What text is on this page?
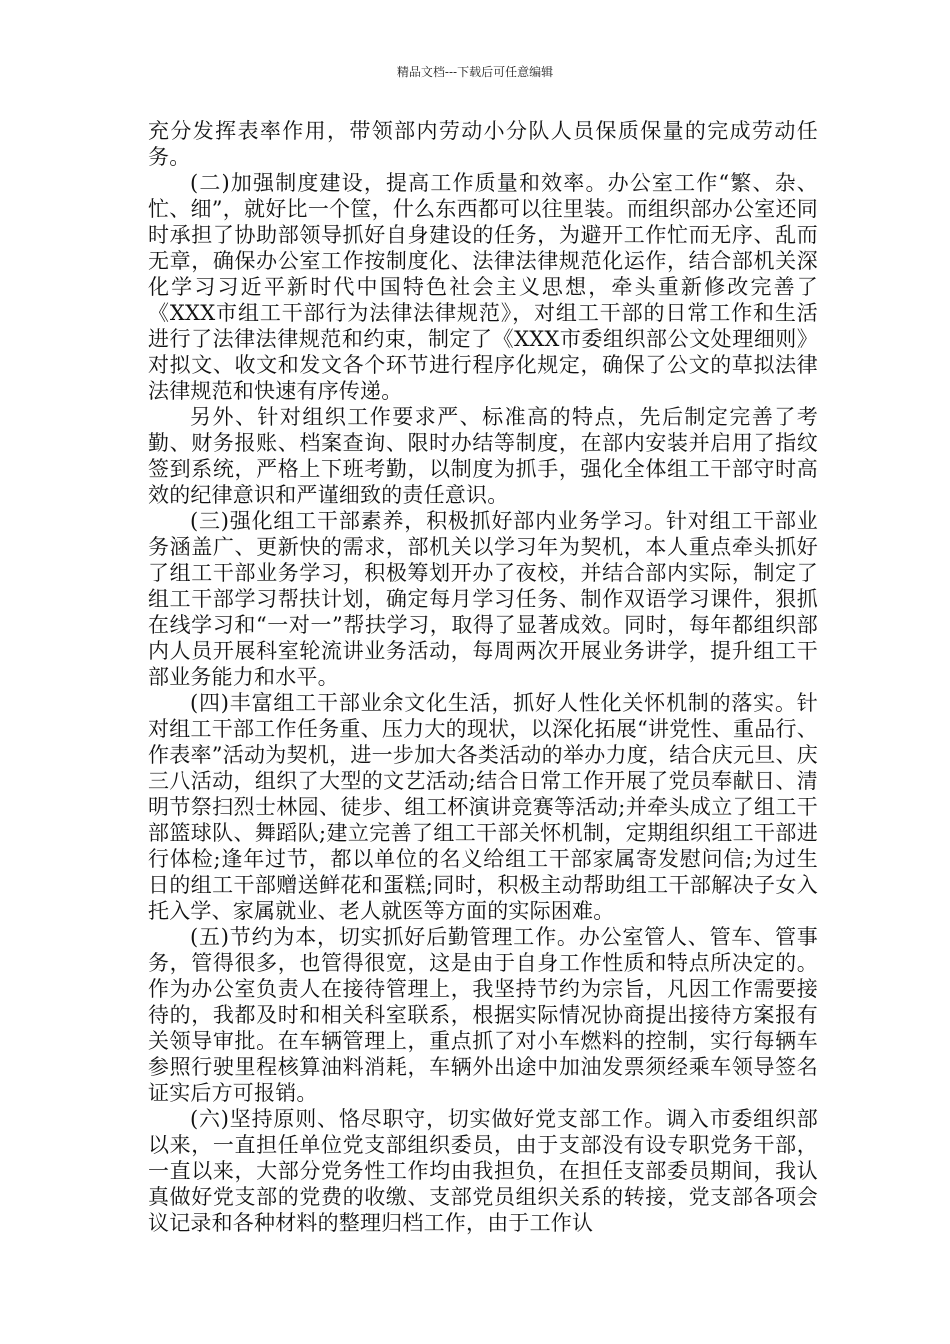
精品文档---下载后可任意编辑

充分发挥表率作用，带领部内劳动小分队人员保质保量的完成劳动任务。

(二)加强制度建设，提高工作质量和效率。办公室工作“繁、杂、忙、细”，就好比一个筐，什么东西都可以往里装。而组织部办公室还同时承担了协助部领导抓好自身建设的任务，为避开工作忙而无序、乱而无章，确保办公室工作按制度化、法律法律规范化运作，结合部机关深化学习习近平新时代中国特色社会主义思想，牵头重新修改完善了《XXX市组工干部行为法律法律规范》，对组工干部的日常工作和生活进行了法律法律规范和约束，制定了《XXX市委组织部公文处理细则》对拟文、收文和发文各个环节进行程序化规定，确保了公文的草拟法律法律规范和快速有序传递。

另外、针对组织工作要求严、标准高的特点，先后制定完善了考勤、财务报账、档案查询、限时办结等制度，在部内安装并启用了指纹签到系统，严格上下班考勤，以制度为抓手，强化全体组工干部守时高效的纪律意识和严谨细致的责任意识。

(三)强化组工干部素养，积极抓好部内业务学习。针对组工干部业务涵盖广、更新快的需求，部机关以学习年为契机，本人重点牵头抓好了组工干部业务学习，积极筹划开办了夜校，并结合部内实际，制定了组工干部学习帮扶计划，确定每月学习任务、制作双语学习课件，狠抓在线学习和“一对一”帮扶学习，取得了显著成效。同时，每年都组织部内人员开展科室轮流讲业务活动，每周两次开展业务讲学，提升组工干部业务能力和水平。

(四)丰富组工干部业余文化生活，抓好人性化关怀机制的落实。针对组工干部工作任务重、压力大的现状，以深化拓展“讲党性、重品行、作表率”活动为契机，进一步加大各类活动的举办力度，结合庆元旦、庆三八活动，组织了大型的文艺活动;结合日常工作开展了党员奉献日、清明节祭扫烈士林园、徒步、组工杯演讲竞赛等活动;并牵头成立了组工干部篮球队、舞蹈队;建立完善了组工干部关怀机制，定期组织组工干部进行体检;逢年过节，都以单位的名义给组工干部家属寄发慰问信;为过生日的组工干部赠送鲜花和蛋糕;同时，积极主动帮助组工干部解决子女入托入学、家属就业、老人就医等方面的实际困难。

(五)节约为本，切实抓好后勤管理工作。办公室管人、管车、管事务，管得很多，也管得很宽，这是由于自身工作性质和特点所决定的。作为办公室负责人在接待管理上，我坚持节约为宗旨，凡因工作需要接待的，我都及时和相关科室联系，根据实际情况协商提出接待方案报有关领导审批。在车辆管理上，重点抓了对小车燃料的控制，实行每辆车参照行驶里程核算油料消耗，车辆外出途中加油发票须经乘车领导签名证实后方可报销。

(六)坚持原则、恪尽职守，切实做好党支部工作。调入市委组织部以来，一直担任单位党支部组织委员，由于支部没有设专职党务干部，一直以来，大部分党务性工作均由我担负，在担任支部委员期间，我认真做好党支部的党费的收缴、支部党员组织关系的转接，党支部各项会议记录和各种材料的整理归档工作，由于工作认
